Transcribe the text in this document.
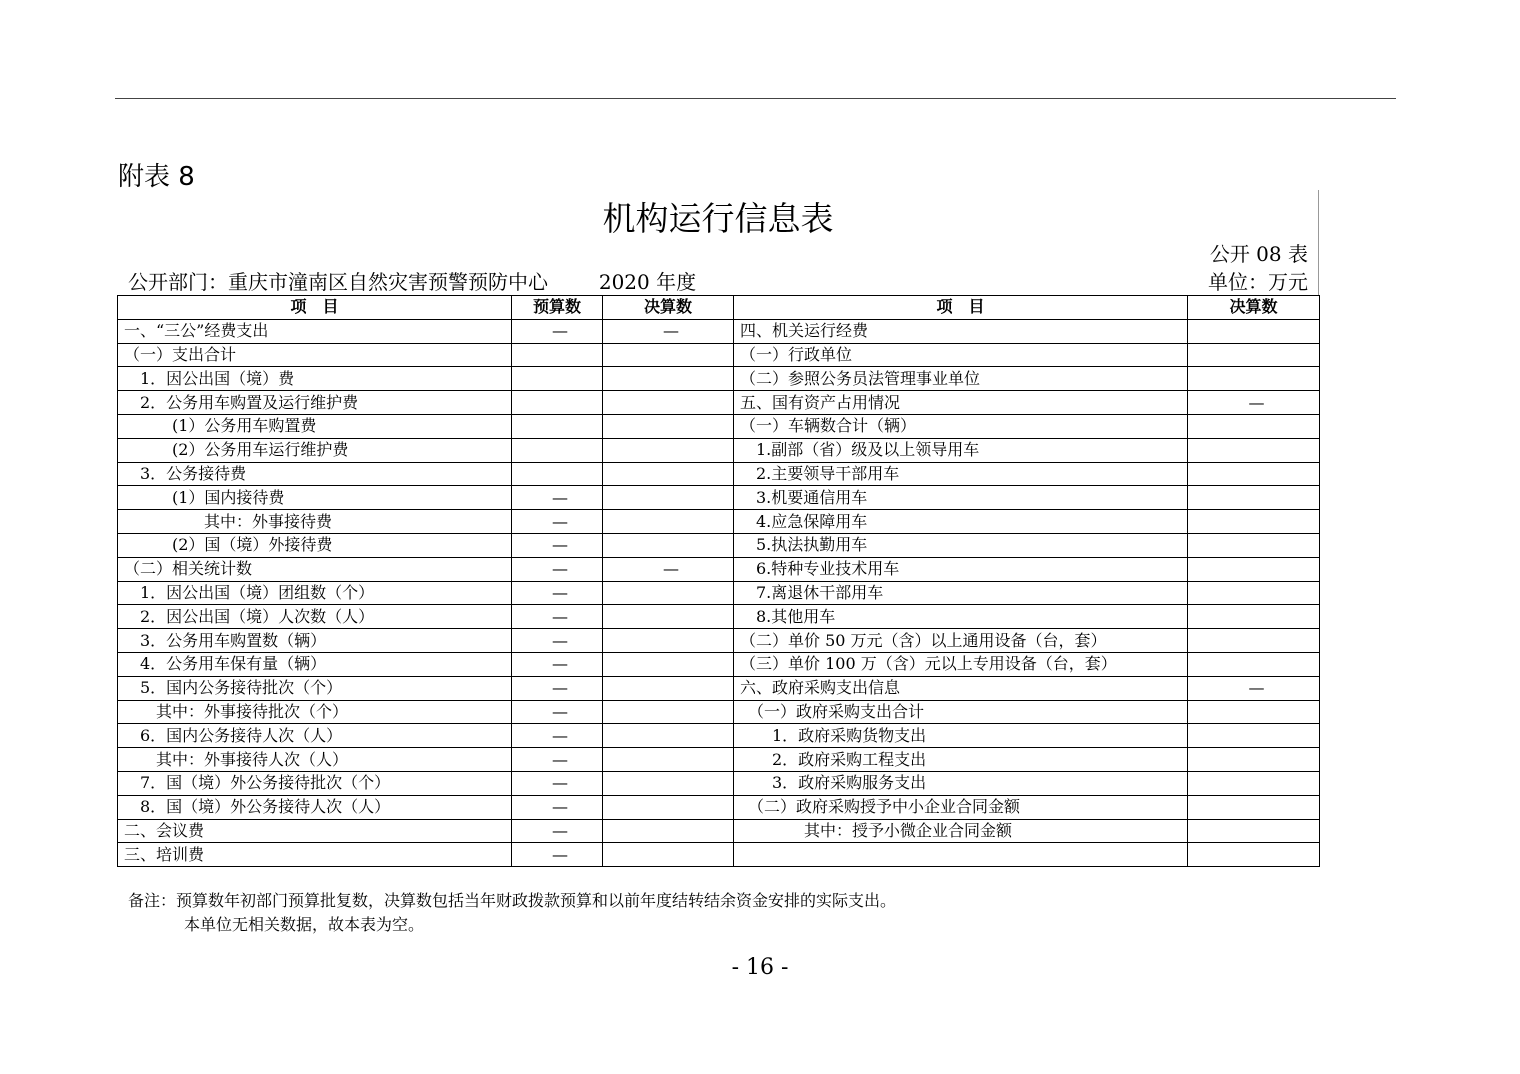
附表 8
机构运行信息表
公开 08 表
公开部门：重庆市潼南区自然灾害预警预防中心	2020 年度	单位：万元
项　目	预算数	决算数	项　目	决算数
一、“三公”经费支出	—	—	四、机关运行经费	
（一）支出合计			（一）行政单位	
　1．因公出国（境）费			（二）参照公务员法管理事业单位	
　2．公务用车购置及运行维护费			五、国有资产占用情况	—
　　　(1）公务用车购置费			（一）车辆数合计（辆）	
　　　(2）公务用车运行维护费			　1.副部（省）级及以上领导用车	
　3．公务接待费			　2.主要领导干部用车	
　　　(1）国内接待费	—		　3.机要通信用车	
　　　　　其中：外事接待费	—		　4.应急保障用车	
　　　(2）国（境）外接待费	—		　5.执法执勤用车	
（二）相关统计数	—	—	　6.特种专业技术用车	
　1．因公出国（境）团组数（个）	—		　7.离退休干部用车	
　2．因公出国（境）人次数（人）	—		　8.其他用车	
　3．公务用车购置数（辆）	—		（二）单价 50 万元（含）以上通用设备（台，套）	
　4．公务用车保有量（辆）	—		（三）单价 100 万（含）元以上专用设备（台，套）	
　5．国内公务接待批次（个）	—		六、政府采购支出信息	—
　　其中：外事接待批次（个）	—		　（一）政府采购支出合计	
　6．国内公务接待人次（人）	—		　　1．政府采购货物支出	
　　其中：外事接待人次（人）	—		　　2．政府采购工程支出	
　7．国（境）外公务接待批次（个）	—		　　3．政府采购服务支出	
　8．国（境）外公务接待人次（人）	—		　（二）政府采购授予中小企业合同金额	
二、会议费	—		　　　　其中：授予小微企业合同金额	
三、培训费	—			
备注：预算数年初部门预算批复数，决算数包括当年财政拨款预算和以前年度结转结余资金安排的实际支出。
本单位无相关数据，故本表为空。
- 16 -
